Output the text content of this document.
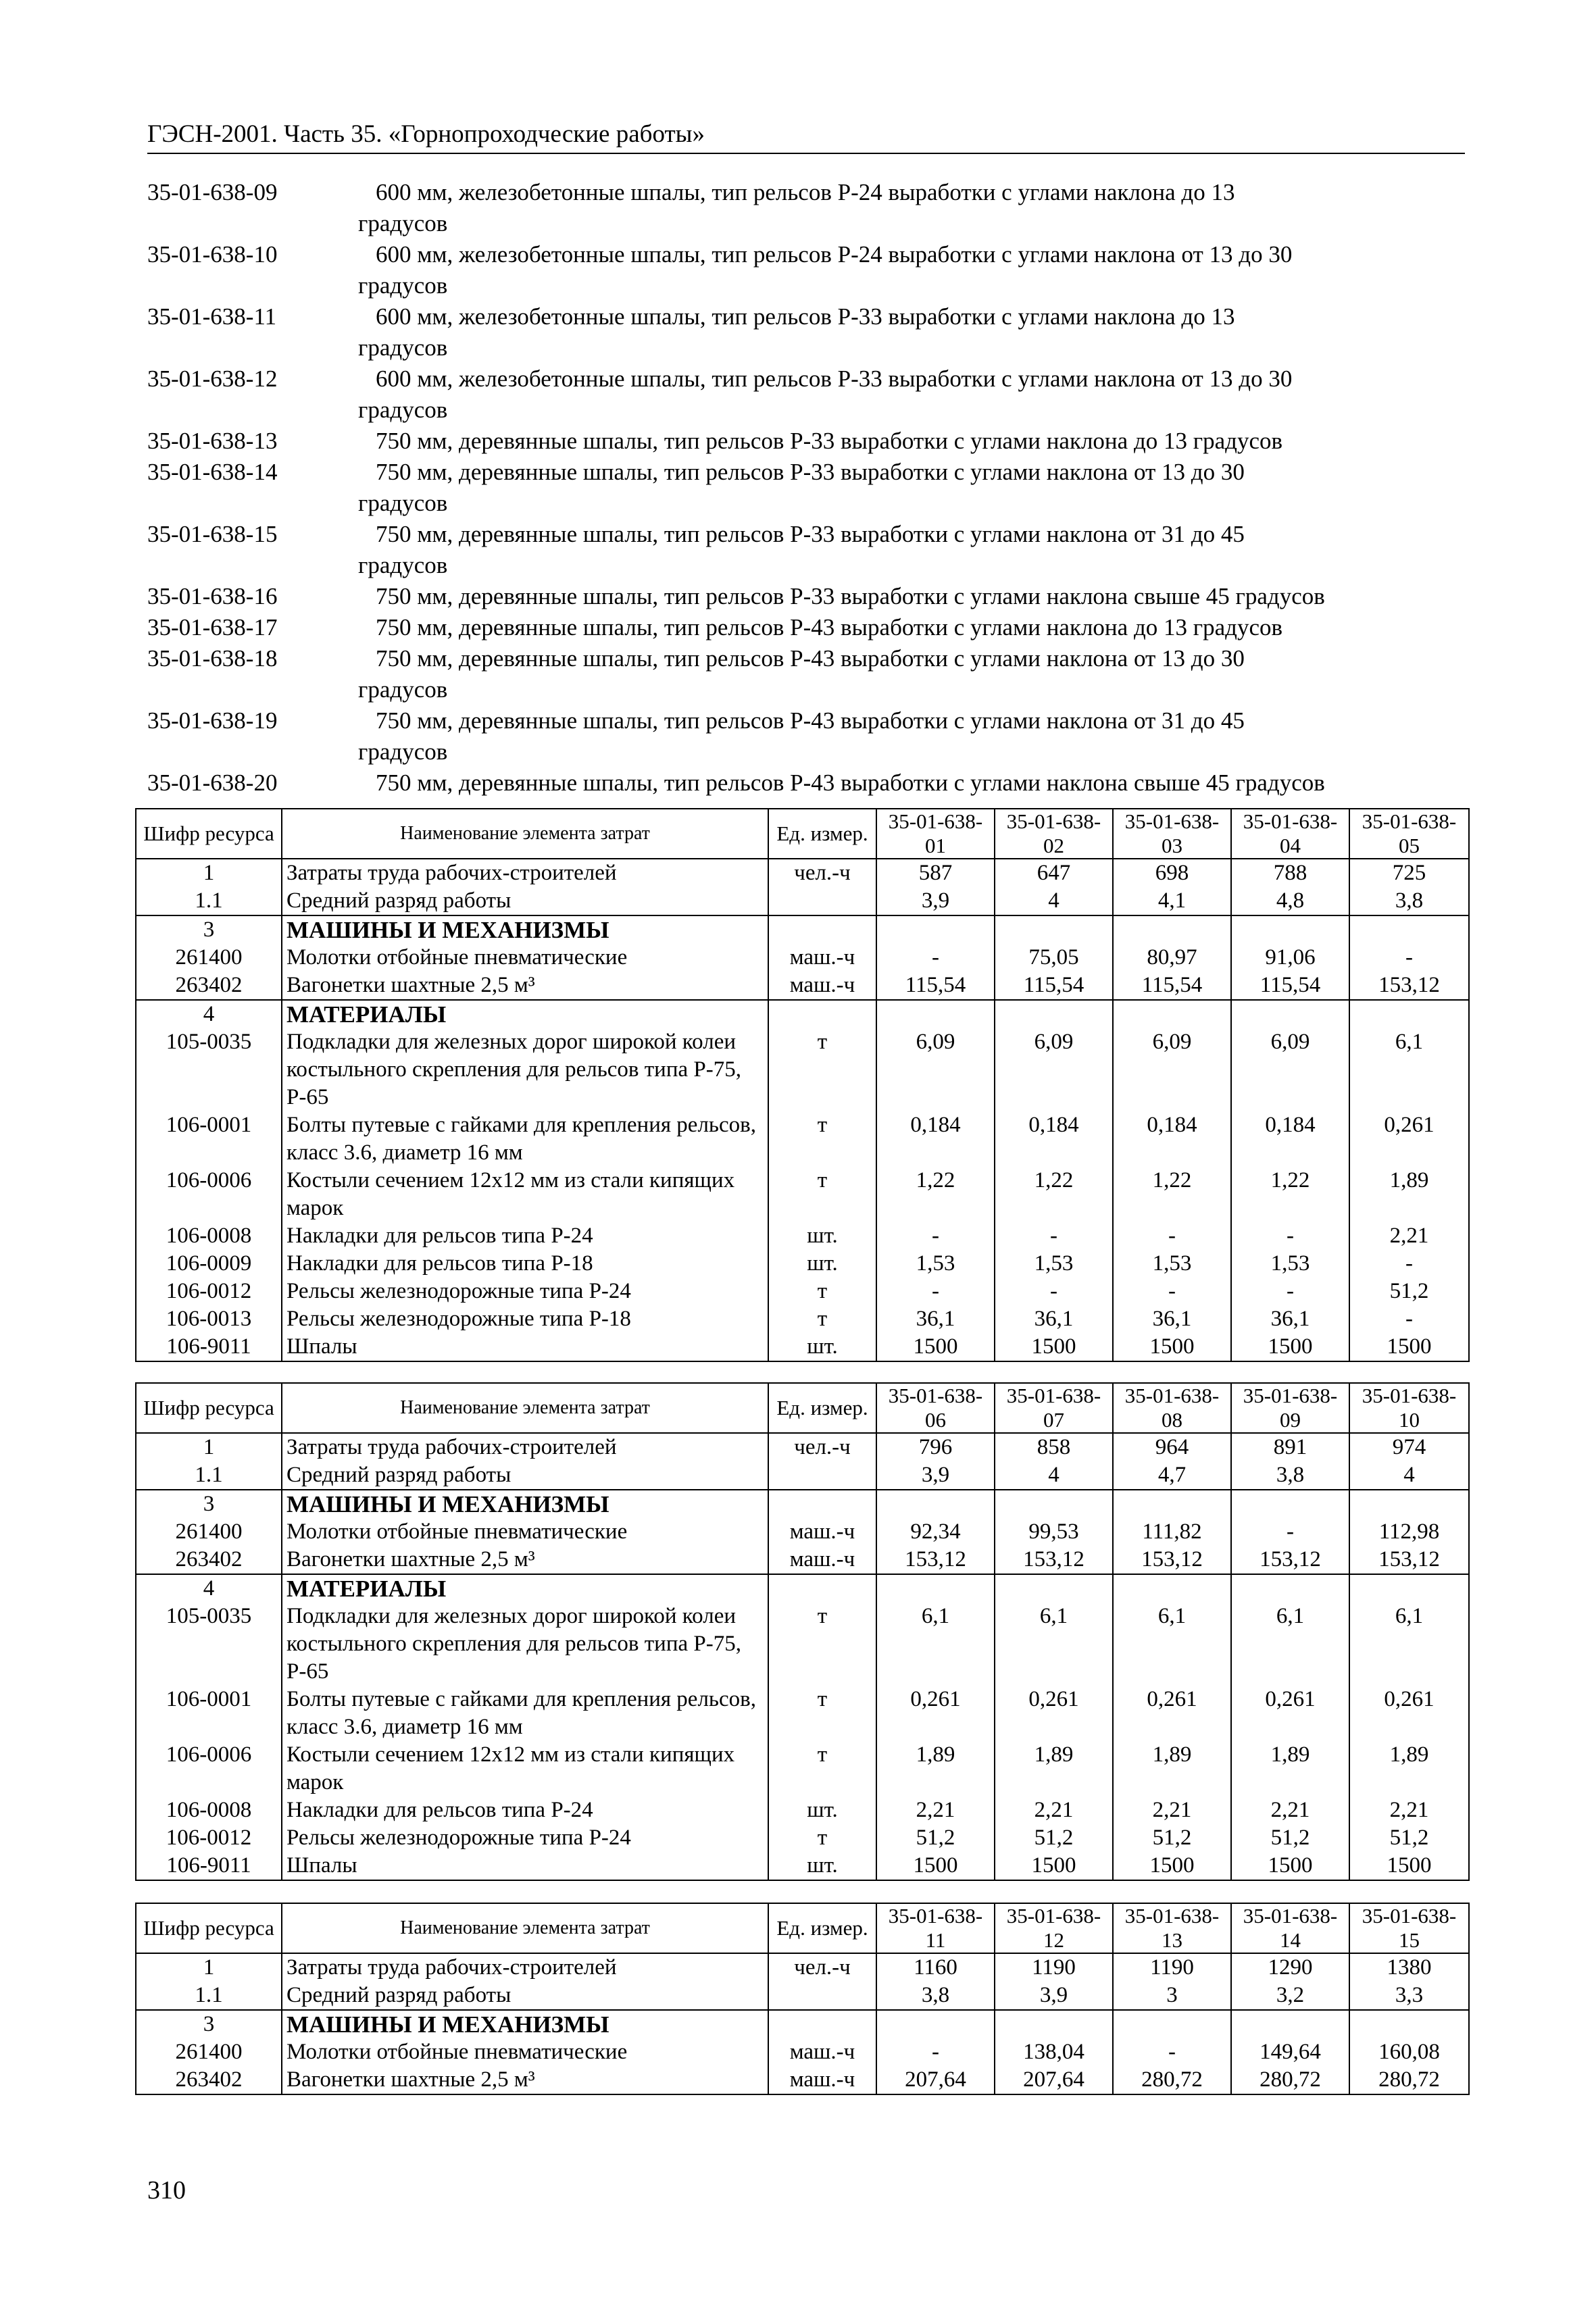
ГЭСН-2001. Часть 35. «Горнопроходческие работы»
35-01-638-09	600 мм, железобетонные шпалы, тип рельсов Р-24 выработки с углами наклона до 13
градусов
35-01-638-10	600 мм, железобетонные шпалы, тип рельсов Р-24 выработки с углами наклона от 13 до 30
градусов
35-01-638-11	600 мм, железобетонные шпалы, тип рельсов Р-33 выработки с углами наклона до 13
градусов
35-01-638-12	600 мм, железобетонные шпалы, тип рельсов Р-33 выработки с углами наклона от 13 до 30
градусов
35-01-638-13	750 мм, деревянные шпалы, тип рельсов Р-33 выработки с углами наклона до 13 градусов
35-01-638-14	750 мм, деревянные шпалы, тип рельсов Р-33 выработки с углами наклона от 13 до 30
градусов
35-01-638-15	750 мм, деревянные шпалы, тип рельсов Р-33 выработки с углами наклона от 31 до 45
градусов
35-01-638-16	750 мм, деревянные шпалы, тип рельсов Р-33 выработки с углами наклона свыше 45 градусов
35-01-638-17	750 мм, деревянные шпалы, тип рельсов Р-43 выработки с углами наклона до 13 градусов
35-01-638-18	750 мм, деревянные шпалы, тип рельсов Р-43 выработки с углами наклона от 13 до 30
градусов
35-01-638-19	750 мм, деревянные шпалы, тип рельсов Р-43 выработки с углами наклона от 31 до 45
градусов
35-01-638-20	750 мм, деревянные шпалы, тип рельсов Р-43 выработки с углами наклона свыше 45 градусов
Шифр ресурса	Наименование элемента затрат	Ед. измер.	35-01-638-01	35-01-638-02	35-01-638-03	35-01-638-04	35-01-638-05
1	Затраты труда рабочих-строителей	чел.-ч	587	647	698	788	725
1.1	Средний разряд работы		3,9	4	4,1	4,8	3,8
3	МАШИНЫ И МЕХАНИЗМЫ						
261400	Молотки отбойные пневматические	маш.-ч	-	75,05	80,97	91,06	-
263402	Вагонетки шахтные 2,5 м³	маш.-ч	115,54	115,54	115,54	115,54	153,12
4	МАТЕРИАЛЫ						
105-0035	Подкладки для железных дорог широкой колеи костыльного скрепления для рельсов типа Р-75, Р-65	т	6,09	6,09	6,09	6,09	6,1
106-0001	Болты путевые с гайками для крепления рельсов, класс 3.6, диаметр 16 мм	т	0,184	0,184	0,184	0,184	0,261
106-0006	Костыли сечением 12х12 мм из стали кипящих марок	т	1,22	1,22	1,22	1,22	1,89
106-0008	Накладки для рельсов типа Р-24	шт.	-	-	-	-	2,21
106-0009	Накладки для рельсов типа Р-18	шт.	1,53	1,53	1,53	1,53	-
106-0012	Рельсы железнодорожные типа Р-24	т	-	-	-	-	51,2
106-0013	Рельсы железнодорожные типа Р-18	т	36,1	36,1	36,1	36,1	-
106-9011	Шпалы	шт.	1500	1500	1500	1500	1500
Шифр ресурса	Наименование элемента затрат	Ед. измер.	35-01-638-06	35-01-638-07	35-01-638-08	35-01-638-09	35-01-638-10
1	Затраты труда рабочих-строителей	чел.-ч	796	858	964	891	974
1.1	Средний разряд работы		3,9	4	4,7	3,8	4
3	МАШИНЫ И МЕХАНИЗМЫ						
261400	Молотки отбойные пневматические	маш.-ч	92,34	99,53	111,82	-	112,98
263402	Вагонетки шахтные 2,5 м³	маш.-ч	153,12	153,12	153,12	153,12	153,12
4	МАТЕРИАЛЫ						
105-0035	Подкладки для железных дорог широкой колеи костыльного скрепления для рельсов типа Р-75, Р-65	т	6,1	6,1	6,1	6,1	6,1
106-0001	Болты путевые с гайками для крепления рельсов, класс 3.6, диаметр 16 мм	т	0,261	0,261	0,261	0,261	0,261
106-0006	Костыли сечением 12х12 мм из стали кипящих марок	т	1,89	1,89	1,89	1,89	1,89
106-0008	Накладки для рельсов типа Р-24	шт.	2,21	2,21	2,21	2,21	2,21
106-0012	Рельсы железнодорожные типа Р-24	т	51,2	51,2	51,2	51,2	51,2
106-9011	Шпалы	шт.	1500	1500	1500	1500	1500
Шифр ресурса	Наименование элемента затрат	Ед. измер.	35-01-638-11	35-01-638-12	35-01-638-13	35-01-638-14	35-01-638-15
1	Затраты труда рабочих-строителей	чел.-ч	1160	1190	1190	1290	1380
1.1	Средний разряд работы		3,8	3,9	3	3,2	3,3
3	МАШИНЫ И МЕХАНИЗМЫ						
261400	Молотки отбойные пневматические	маш.-ч	-	138,04	-	149,64	160,08
263402	Вагонетки шахтные 2,5 м³	маш.-ч	207,64	207,64	280,72	280,72	280,72
310
